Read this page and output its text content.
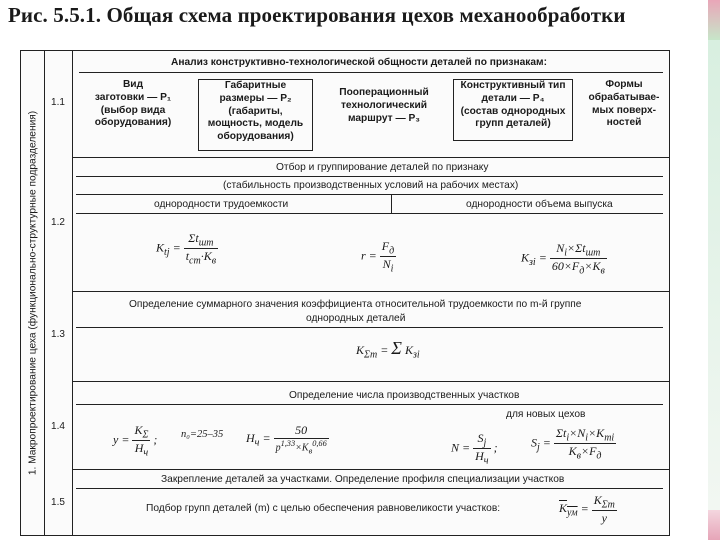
Рис. 5.5.1. Общая схема проектирования цехов механообработки
1. Макропроектирование цеха (функционально-структурные подразделения)
1.1
1.2
1.3
1.4
1.5
Анализ конструктивно-технологической общности деталей по признакам:
Вид
заготовки — P₁
(выбор вида
оборудования)
Габаритные
размеры — P₂
(габариты,
мощность, модель
оборудования)
Пооперационный
технологический
маршрут — P₃
Конструктивный тип
детали — P₄
(состав однородных
групп деталей)
Формы
обрабатывае-
мых поверх-
ностей
Отбор и группирование деталей по признаку
(стабильность производственных условий на рабочих местах)
однородности трудоемкости	однородности объема выпуска
$K_{tj} = \frac{\Sigma t_{шт}}{t_{ст}\cdot K_в}$	$r = \frac{F_д}{N_i}$	$K_{зi} = \frac{N_i\times\Sigma t_{шт}}{60\times F_д\times K_в}$
Определение суммарного значения коэффициента относительной трудоемкости по m-й группе
однородных деталей
$K_{\Sigma m} = \Sigma$ $K_{зi}$
Определение числа производственных участков
для новых цехов
$y = \frac{K_\Sigma}{H_ч}$ ; n₀=25–35 $H_ч = \frac{50}{p^{1,33}\times K_в^{0,66}}$	$N = \frac{S_j}{H_ч}$ ;	$S_j = \frac{\Sigma t_i\times N_i\times K_{mi}}{K_в\times F_д}$
Закрепление деталей за участками. Определение профиля специализации участков
Подбор групп деталей (m) с целью обеспечения равновеликости участков:	$K_{ум} = \frac{K_{\Sigma m}}{y}$
